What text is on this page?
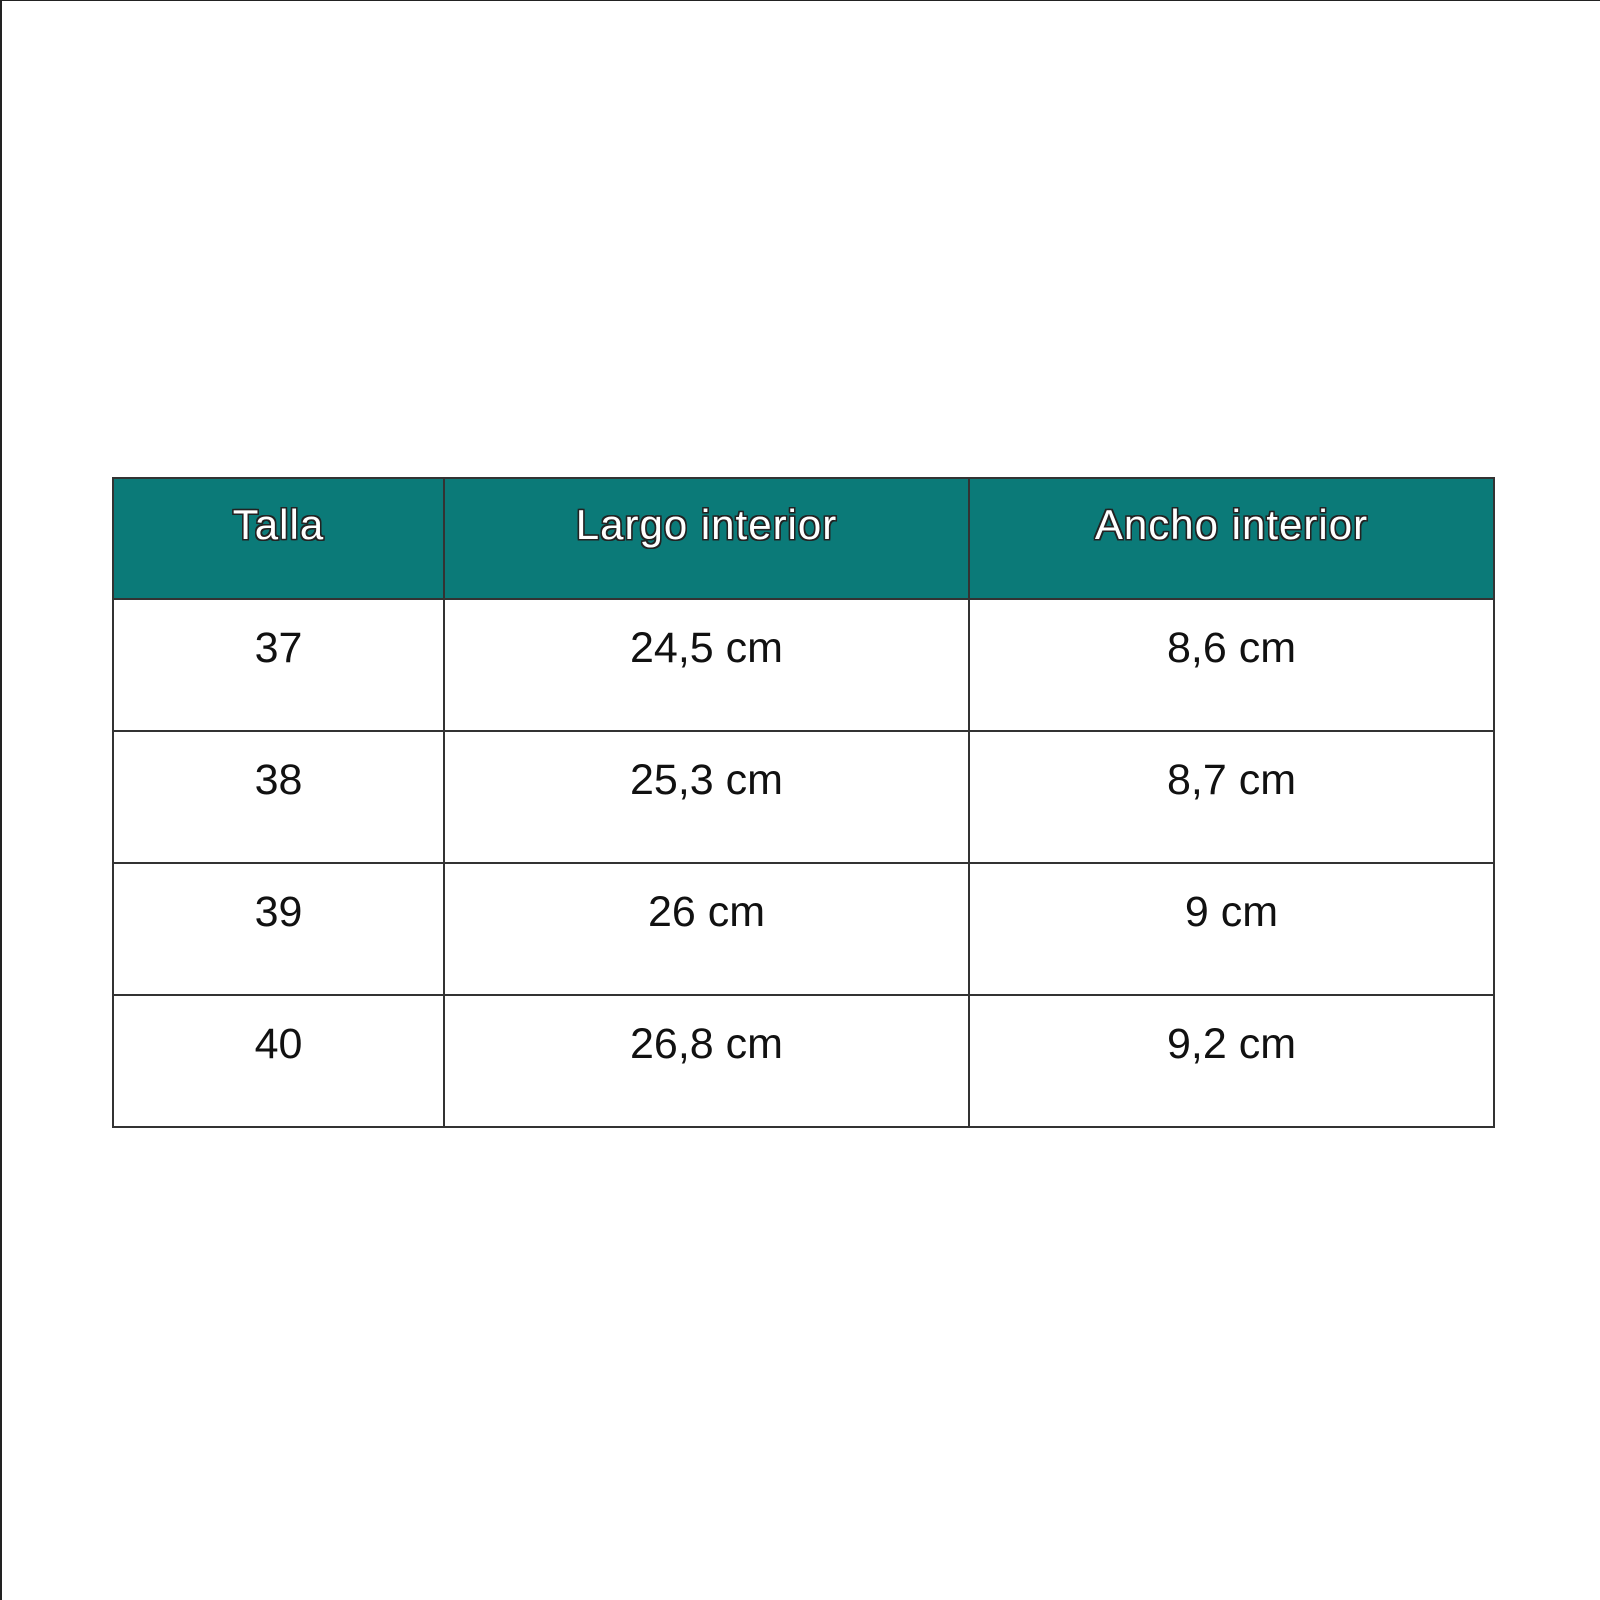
Talla	Largo interior	Ancho interior
37	24,5 cm	8,6 cm
38	25,3 cm	8,7 cm
39	26 cm	9 cm
40	26,8 cm	9,2 cm
